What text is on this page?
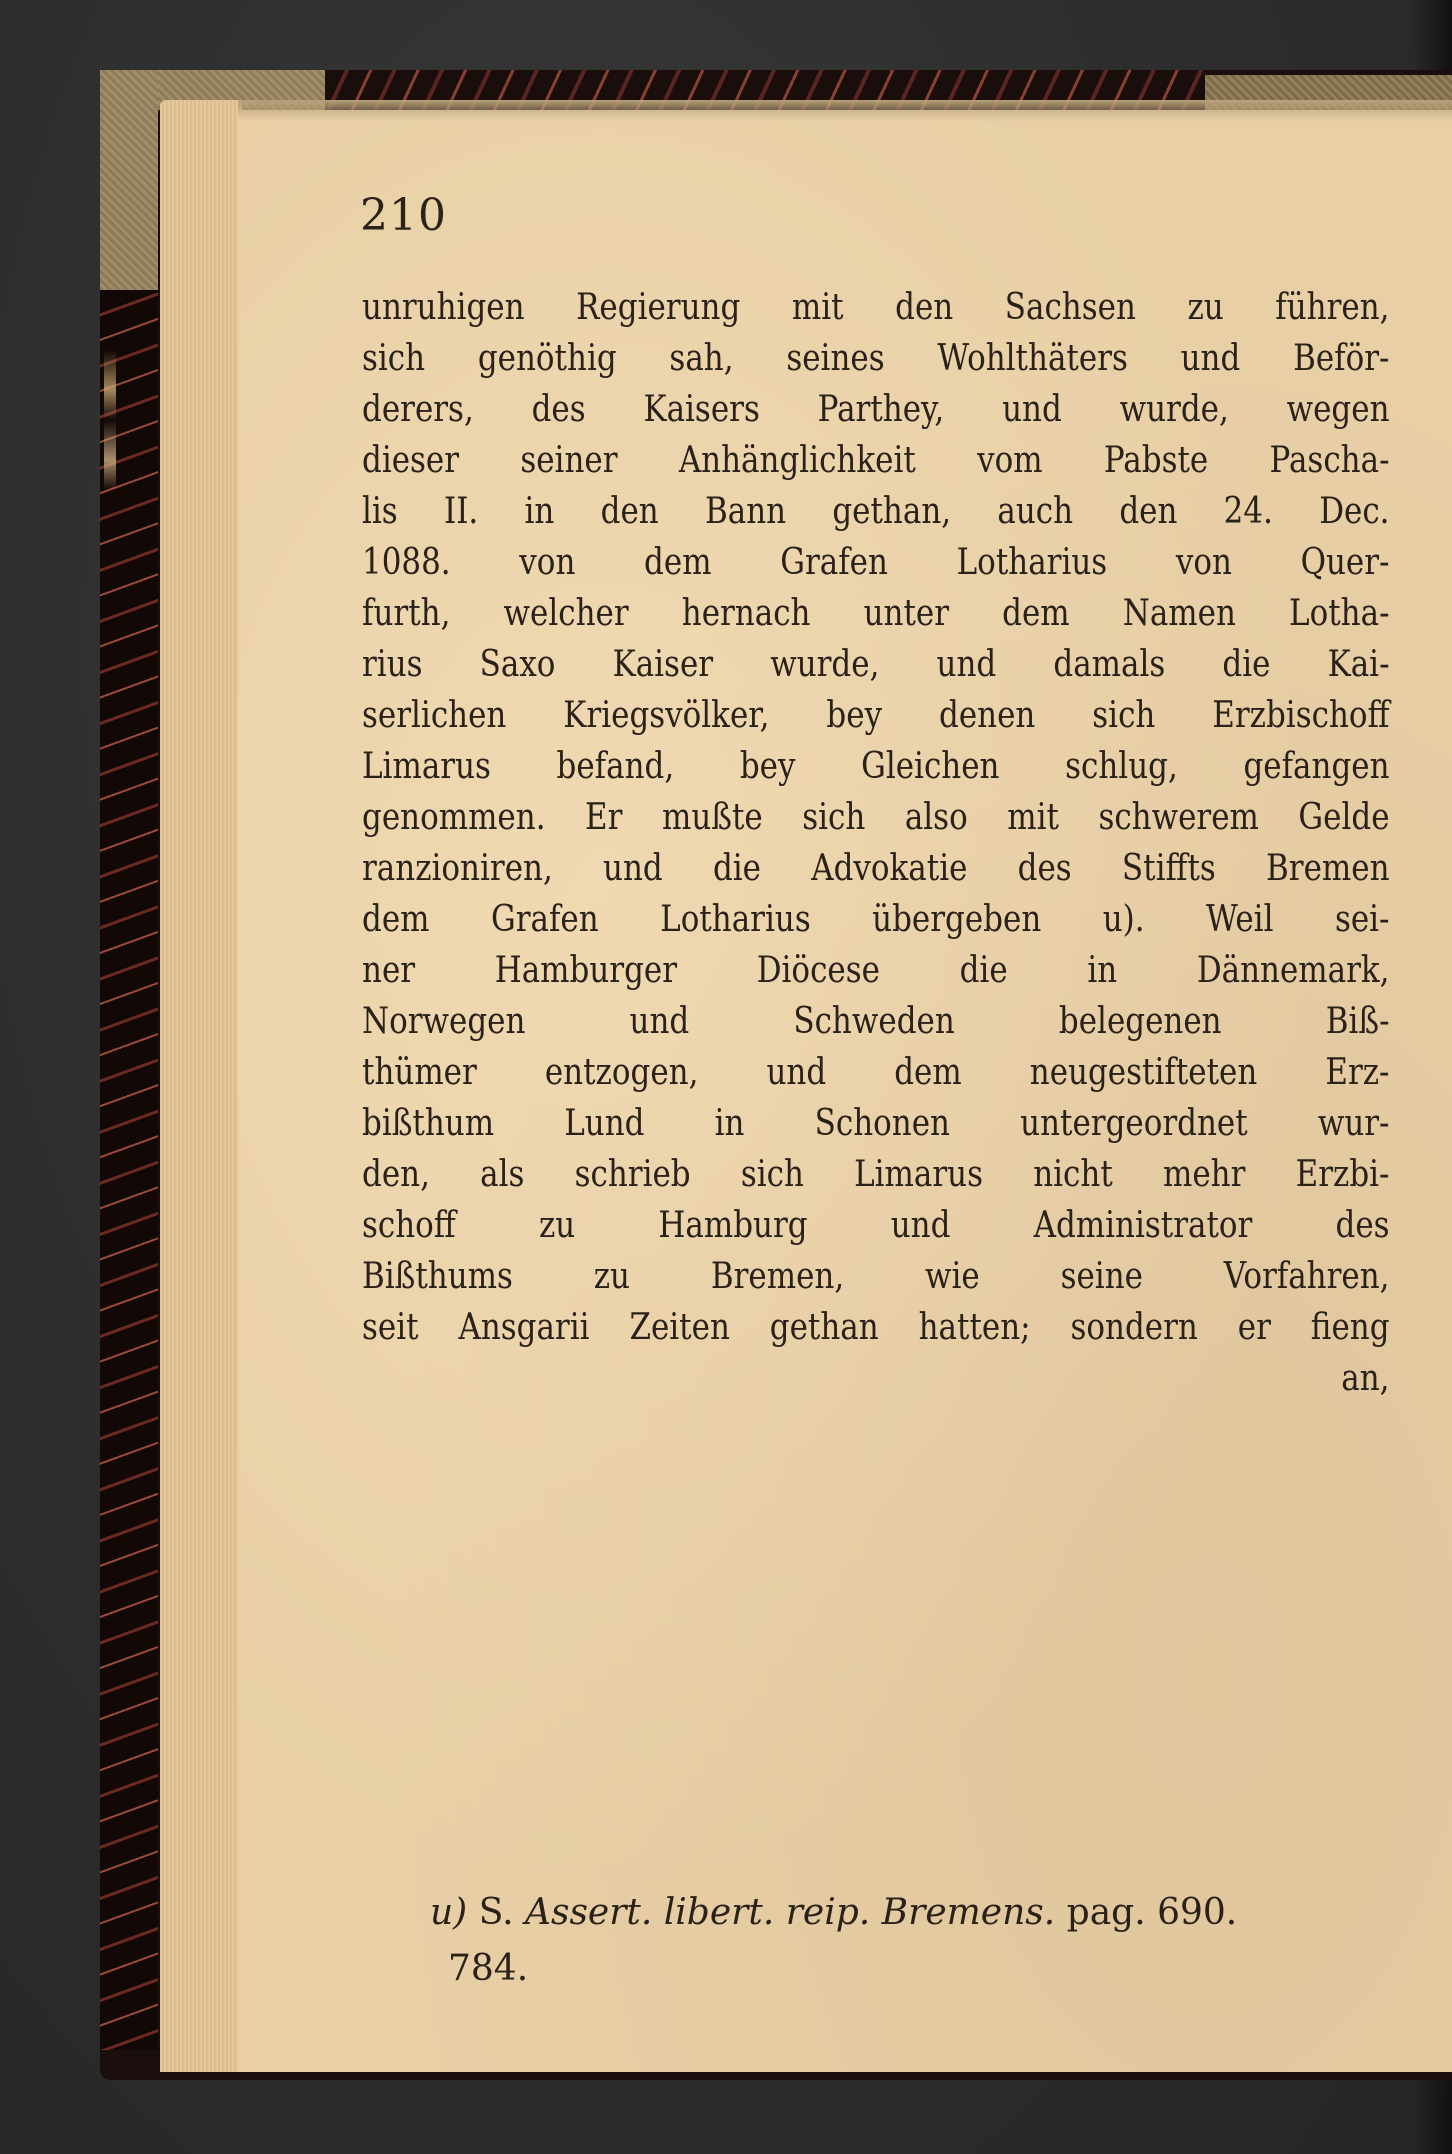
210
unruhigen Regierung mit den Sachsen zu führen,
sich genöthig sah, seines Wohlthäters und Beför-
derers, des Kaisers Parthey, und wurde, wegen
dieser seiner Anhänglichkeit vom Pabste Pascha-
lis II. in den Bann gethan, auch den 24. Dec.
1088. von dem Grafen Lotharius von Quer-
furth, welcher hernach unter dem Namen Lotha-
rius Saxo Kaiser wurde, und damals die Kai-
serlichen Kriegsvölker, bey denen sich Erzbischoff
Limarus befand, bey Gleichen schlug, gefangen
genommen. Er mußte sich also mit schwerem Gelde
ranzioniren, und die Advokatie des Stiffts Bremen
dem Grafen Lotharius übergeben u). Weil sei-
ner Hamburger Diöcese die in Dännemark,
Norwegen und Schweden belegenen Biß-
thümer entzogen, und dem neugestifteten Erz-
bißthum Lund in Schonen untergeordnet wur-
den, als schrieb sich Limarus nicht mehr Erzbi-
schoff zu Hamburg und Administrator des
Bißthums zu Bremen, wie seine Vorfahren,
seit Ansgarii Zeiten gethan hatten; sondern er fieng
an,
u) S. Assert. libert. reip. Bremens. pag. 690.
784.
